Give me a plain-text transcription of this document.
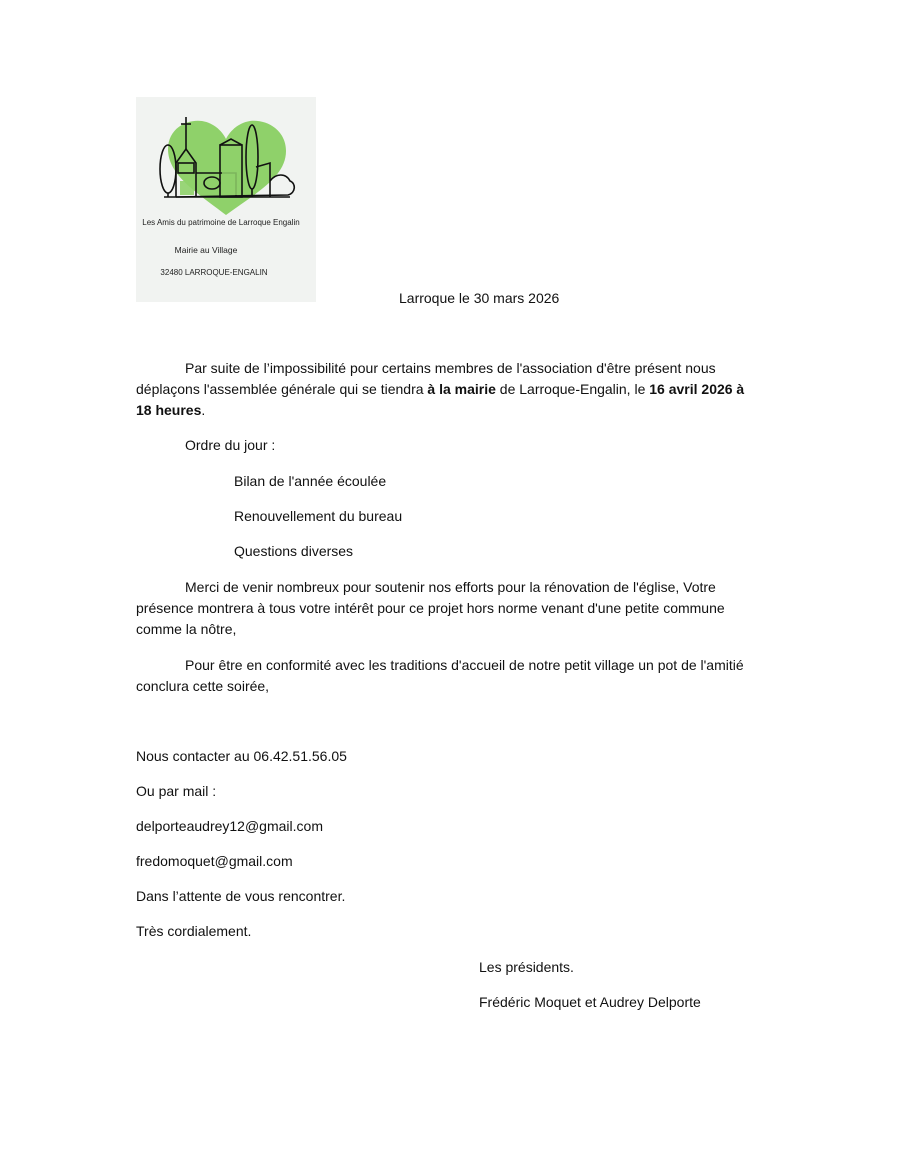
Les Amis du patrimoine de Larroque Engalin
Mairie au Village
32480 LARROQUE-ENGALIN
Larroque le 30 mars 2026
Par suite de l’impossibilité pour certains membres de l'association d'être présent nous déplaçons l'assemblée générale qui se tiendra à la mairie de Larroque-Engalin, le 16 avril 2026 à 18 heures.
Ordre du jour :
Bilan de l'année écoulée
Renouvellement du bureau
Questions diverses
Merci de venir nombreux pour soutenir nos efforts pour la rénovation de l'église, Votre présence montrera à tous votre intérêt pour ce projet hors norme venant d'une petite commune comme la nôtre,
Pour être en conformité avec les traditions d'accueil de notre petit village un pot de l'amitié conclura cette soirée,
Nous contacter au 06.42.51.56.05
Ou par mail :
delporteaudrey12@gmail.com
fredomoquet@gmail.com
Dans l’attente de vous rencontrer.
Très cordialement.
Les présidents.
Frédéric Moquet et Audrey Delporte
